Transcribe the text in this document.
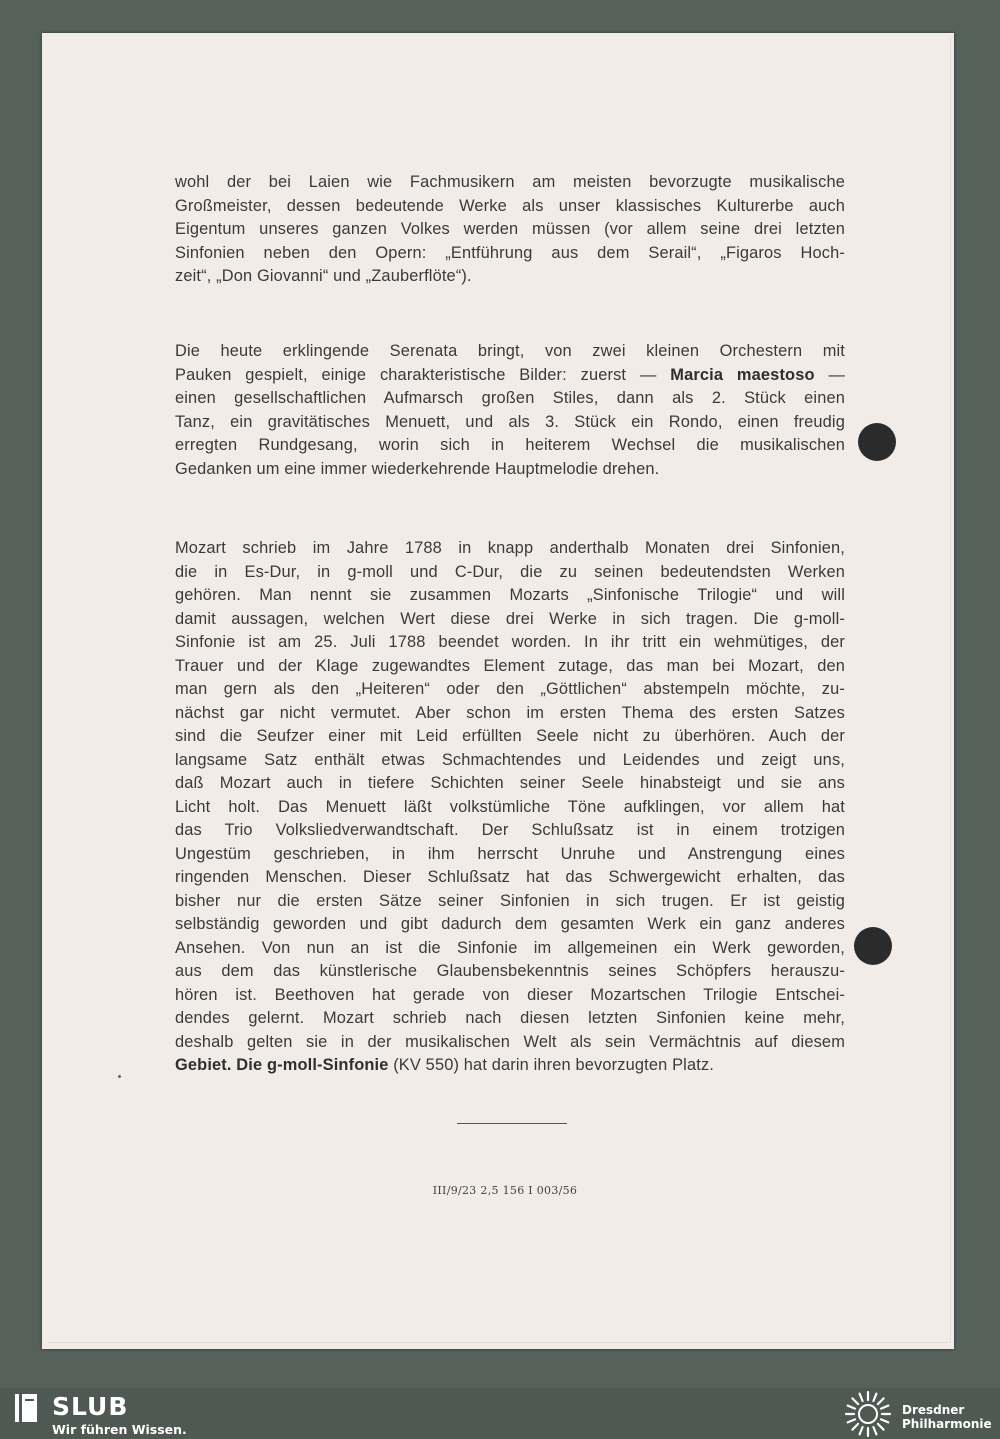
wohl der bei Laien wie Fachmusikern am meisten bevorzugte musikalische
Großmeister, dessen bedeutende Werke als unser klassisches Kulturerbe auch
Eigentum unseres ganzen Volkes werden müssen (vor allem seine drei letzten
Sinfonien neben den Opern: „Entführung aus dem Serail“, „Figaros Hoch-
zeit“, „Don Giovanni“ und „Zauberflöte“).
Die heute erklingende Serenata bringt, von zwei kleinen Orchestern mit
Pauken gespielt, einige charakteristische Bilder: zuerst — Marcia maestoso —
einen gesellschaftlichen Aufmarsch großen Stiles, dann als 2. Stück einen
Tanz, ein gravitätisches Menuett, und als 3. Stück ein Rondo, einen freudig
erregten Rundgesang, worin sich in heiterem Wechsel die musikalischen
Gedanken um eine immer wiederkehrende Hauptmelodie drehen.
Mozart schrieb im Jahre 1788 in knapp anderthalb Monaten drei Sinfonien,
die in Es-Dur, in g-moll und C-Dur, die zu seinen bedeutendsten Werken
gehören. Man nennt sie zusammen Mozarts „Sinfonische Trilogie“ und will
damit aussagen, welchen Wert diese drei Werke in sich tragen. Die g-moll-
Sinfonie ist am 25. Juli 1788 beendet worden. In ihr tritt ein wehmütiges, der
Trauer und der Klage zugewandtes Element zutage, das man bei Mozart, den
man gern als den „Heiteren“ oder den „Göttlichen“ abstempeln möchte, zu-
nächst gar nicht vermutet. Aber schon im ersten Thema des ersten Satzes
sind die Seufzer einer mit Leid erfüllten Seele nicht zu überhören. Auch der
langsame Satz enthält etwas Schmachtendes und Leidendes und zeigt uns,
daß Mozart auch in tiefere Schichten seiner Seele hinabsteigt und sie ans
Licht holt. Das Menuett läßt volkstümliche Töne aufklingen, vor allem hat
das Trio Volksliedverwandtschaft. Der Schlußsatz ist in einem trotzigen
Ungestüm geschrieben, in ihm herrscht Unruhe und Anstrengung eines
ringenden Menschen. Dieser Schlußsatz hat das Schwergewicht erhalten, das
bisher nur die ersten Sätze seiner Sinfonien in sich trugen. Er ist geistig
selbständig geworden und gibt dadurch dem gesamten Werk ein ganz anderes
Ansehen. Von nun an ist die Sinfonie im allgemeinen ein Werk geworden,
aus dem das künstlerische Glaubensbekenntnis seines Schöpfers herauszu-
hören ist. Beethoven hat gerade von dieser Mozartschen Trilogie Entschei-
dendes gelernt. Mozart schrieb nach diesen letzten Sinfonien keine mehr,
deshalb gelten sie in der musikalischen Welt als sein Vermächtnis auf diesem
Gebiet. Die g-moll-Sinfonie (KV 550) hat darin ihren bevorzugten Platz.
III/9/23 2,5 156 I 003/56
SLUB
Wir führen Wissen.
Dresdner
Philharmonie
